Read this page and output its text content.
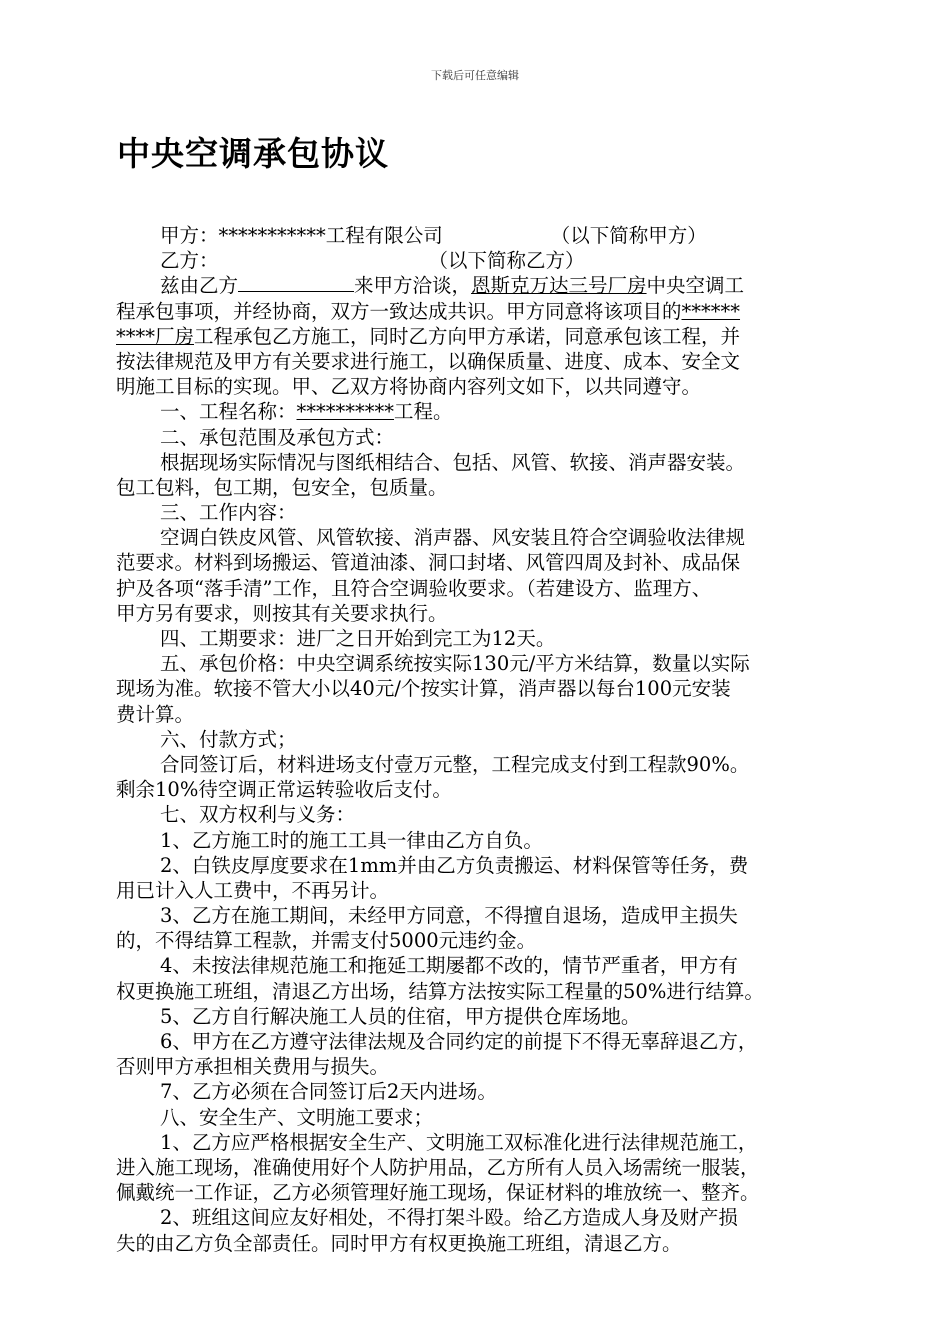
下载后可任意编辑
中央空调承包协议
甲方：***********工程有限公司	（以下简称甲方）
乙方：	（以下简称乙方）
兹由乙方	来甲方洽谈，恩斯克万达三号厂房中央空调工
程承包事项，并经协商，双方一致达成共识。甲方同意将该项目的******
****厂房工程承包乙方施工，同时乙方向甲方承诺，同意承包该工程，并
按法律规范及甲方有关要求进行施工，以确保质量、进度、成本、安全文
明施工目标的实现。甲、乙双方将协商内容列文如下，以共同遵守。
一、工程名称：**********工程。
二、承包范围及承包方式：
根据现场实际情况与图纸相结合、包括、风管、软接、消声器安装。
包工包料，包工期，包安全，包质量。
三、工作内容：
空调白铁皮风管、风管软接、消声器、风安装且符合空调验收法律规
范要求。材料到场搬运、管道油漆、洞口封堵、风管四周及封补、成品保
护及各项“落手清”工作，且符合空调验收要求。（若建设方、监理方、
甲方另有要求，则按其有关要求执行。
四、工期要求：进厂之日开始到完工为12天。
五、承包价格：中央空调系统按实际130元/平方米结算，数量以实际
现场为准。软接不管大小以40元/个按实计算，消声器以每台100元安装
费计算。
六、付款方式；
合同签订后，材料进场支付壹万元整，工程完成支付到工程款90%。
剩余10%待空调正常运转验收后支付。
七、双方权利与义务：
1、乙方施工时的施工工具一律由乙方自负。
2、白铁皮厚度要求在1mm并由乙方负责搬运、材料保管等任务，费
用已计入人工费中，不再另计。
3、乙方在施工期间，未经甲方同意，不得擅自退场，造成甲主损失
的，不得结算工程款，并需支付5000元违约金。
4、未按法律规范施工和拖延工期屡都不改的，情节严重者，甲方有
权更换施工班组，清退乙方出场，结算方法按实际工程量的50%进行结算。
5、乙方自行解决施工人员的住宿，甲方提供仓库场地。
6、甲方在乙方遵守法律法规及合同约定的前提下不得无辜辞退乙方，
否则甲方承担相关费用与损失。
7、乙方必须在合同签订后2天内进场。
八、安全生产、文明施工要求；
1、乙方应严格根据安全生产、文明施工双标准化进行法律规范施工，
进入施工现场，准确使用好个人防护用品，乙方所有人员入场需统一服装，
佩戴统一工作证，乙方必须管理好施工现场，保证材料的堆放统一、整齐。
2、班组这间应友好相处，不得打架斗殴。给乙方造成人身及财产损
失的由乙方负全部责任。同时甲方有权更换施工班组，清退乙方。
